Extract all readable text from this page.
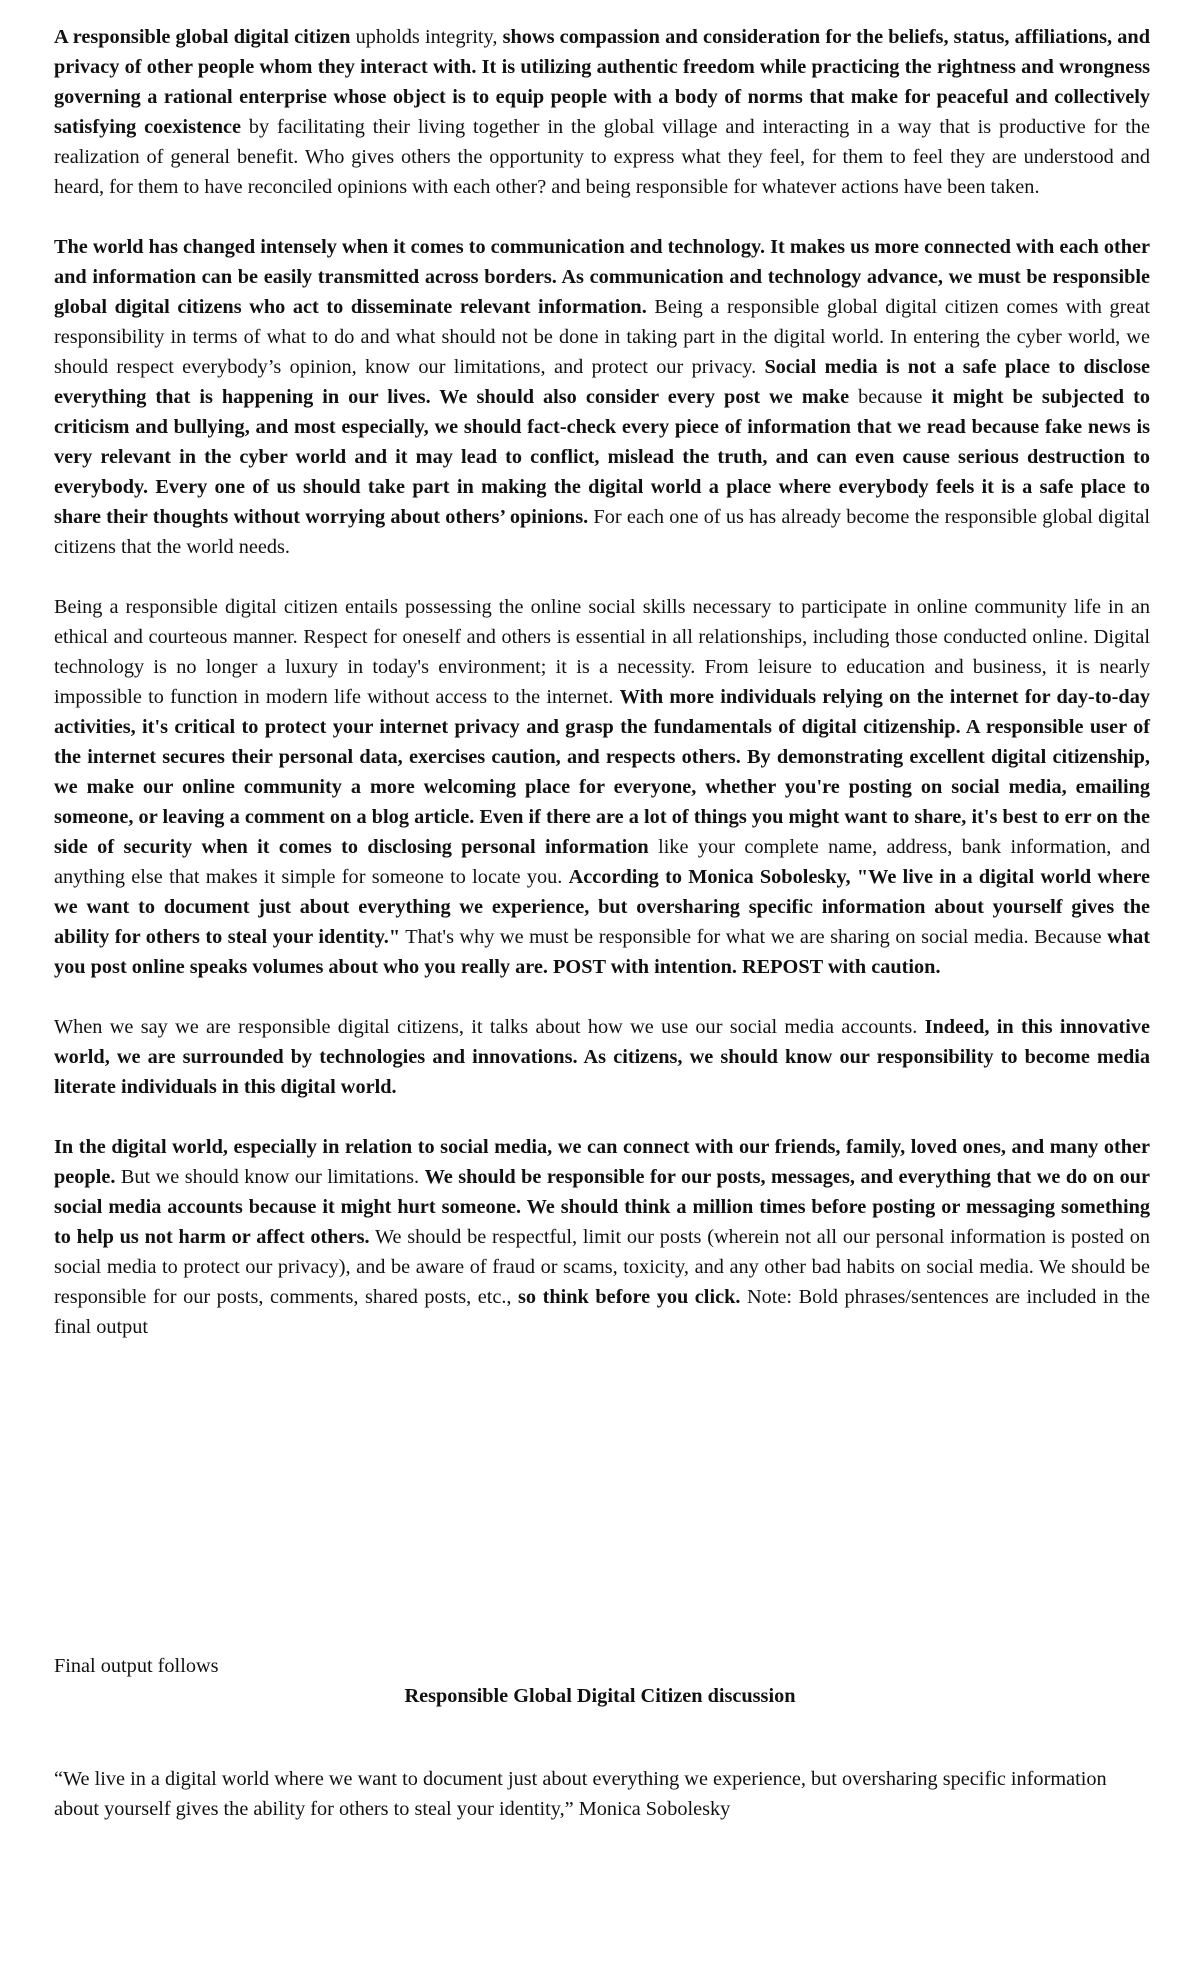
A responsible global digital citizen upholds integrity, shows compassion and consideration for the beliefs, status, affiliations, and privacy of other people whom they interact with. It is utilizing authentic freedom while practicing the rightness and wrongness governing a rational enterprise whose object is to equip people with a body of norms that make for peaceful and collectively satisfying coexistence by facilitating their living together in the global village and interacting in a way that is productive for the realization of general benefit. Who gives others the opportunity to express what they feel, for them to feel they are understood and heard, for them to have reconciled opinions with each other? and being responsible for whatever actions have been taken.

The world has changed intensely when it comes to communication and technology. It makes us more connected with each other and information can be easily transmitted across borders. As communication and technology advance, we must be responsible global digital citizens who act to disseminate relevant information. Being a responsible global digital citizen comes with great responsibility in terms of what to do and what should not be done in taking part in the digital world. In entering the cyber world, we should respect everybody’s opinion, know our limitations, and protect our privacy. Social media is not a safe place to disclose everything that is happening in our lives. We should also consider every post we make because it might be subjected to criticism and bullying, and most especially, we should fact-check every piece of information that we read because fake news is very relevant in the cyber world and it may lead to conflict, mislead the truth, and can even cause serious destruction to everybody. Every one of us should take part in making the digital world a place where everybody feels it is a safe place to share their thoughts without worrying about others’ opinions. For each one of us has already become the responsible global digital citizens that the world needs.

Being a responsible digital citizen entails possessing the online social skills necessary to participate in online community life in an ethical and courteous manner. Respect for oneself and others is essential in all relationships, including those conducted online. Digital technology is no longer a luxury in today's environment; it is a necessity. From leisure to education and business, it is nearly impossible to function in modern life without access to the internet. With more individuals relying on the internet for day-to-day activities, it's critical to protect your internet privacy and grasp the fundamentals of digital citizenship. A responsible user of the internet secures their personal data, exercises caution, and respects others. By demonstrating excellent digital citizenship, we make our online community a more welcoming place for everyone, whether you're posting on social media, emailing someone, or leaving a comment on a blog article. Even if there are a lot of things you might want to share, it's best to err on the side of security when it comes to disclosing personal information like your complete name, address, bank information, and anything else that makes it simple for someone to locate you. According to Monica Sobolesky, "We live in a digital world where we want to document just about everything we experience, but oversharing specific information about yourself gives the ability for others to steal your identity." That's why we must be responsible for what we are sharing on social media. Because what you post online speaks volumes about who you really are. POST with intention. REPOST with caution.

When we say we are responsible digital citizens, it talks about how we use our social media accounts. Indeed, in this innovative world, we are surrounded by technologies and innovations. As citizens, we should know our responsibility to become media literate individuals in this digital world.

In the digital world, especially in relation to social media, we can connect with our friends, family, loved ones, and many other people. But we should know our limitations. We should be responsible for our posts, messages, and everything that we do on our social media accounts because it might hurt someone. We should think a million times before posting or messaging something to help us not harm or affect others. We should be respectful, limit our posts (wherein not all our personal information is posted on social media to protect our privacy), and be aware of fraud or scams, toxicity, and any other bad habits on social media. We should be responsible for our posts, comments, shared posts, etc., so think before you click. Note: Bold phrases/sentences are included in the final output

Final output follows

Responsible Global Digital Citizen discussion

“We live in a digital world where we want to document just about everything we experience, but oversharing specific information about yourself gives the ability for others to steal your identity,” Monica Sobolesky
